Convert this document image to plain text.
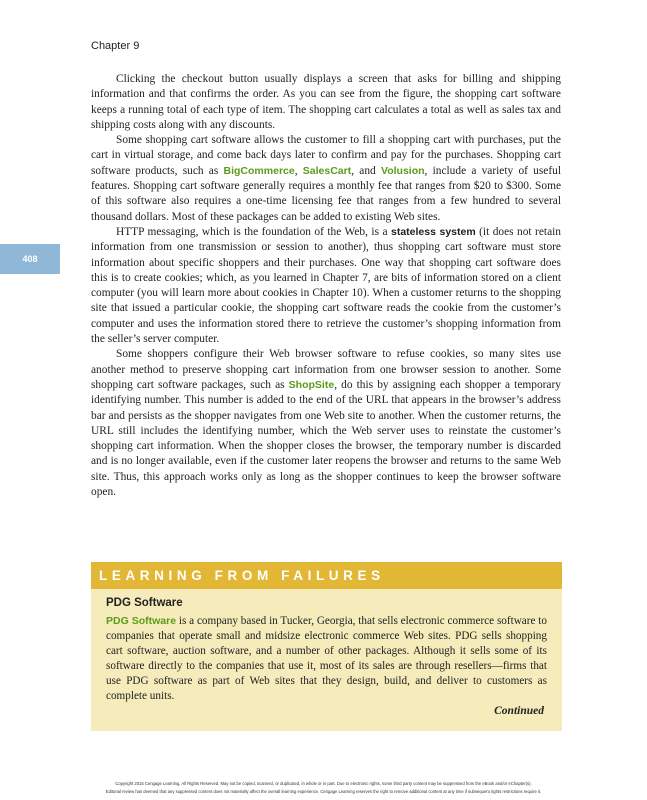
Chapter 9
408

Clicking the checkout button usually displays a screen that asks for billing and shipping information and that confirms the order. As you can see from the figure, the shopping cart software keeps a running total of each type of item. The shopping cart calculates a total as well as sales tax and shipping costs along with any discounts.

Some shopping cart software allows the customer to fill a shopping cart with purchases, put the cart in virtual storage, and come back days later to confirm and pay for the purchases. Shopping cart software products, such as BigCommerce, SalesCart, and Volusion, include a variety of useful features. Shopping cart software generally requires a monthly fee that ranges from $20 to $300. Some of this software also requires a one-time licensing fee that ranges from a few hundred to several thousand dollars. Most of these packages can be added to existing Web sites.

HTTP messaging, which is the foundation of the Web, is a stateless system (it does not retain information from one transmission or session to another), thus shopping cart software must store information about specific shoppers and their purchases. One way that shopping cart software does this is to create cookies; which, as you learned in Chapter 7, are bits of information stored on a client computer (you will learn more about cookies in Chapter 10). When a customer returns to the shopping site that issued a particular cookie, the shopping cart software reads the cookie from the customer’s computer and uses the information stored there to retrieve the customer’s shopping information from the seller’s server computer.

Some shoppers configure their Web browser software to refuse cookies, so many sites use another method to preserve shopping cart information from one browser session to another. Some shopping cart software packages, such as ShopSite, do this by assigning each shopper a temporary identifying number. This number is added to the end of the URL that appears in the browser’s address bar and persists as the shopper navigates from one Web site to another. When the customer returns, the URL still includes the identifying number, which the Web server uses to reinstate the customer’s shopping cart information. When the shopper closes the browser, the temporary number is discarded and is no longer available, even if the customer later reopens the browser and returns to the same Web site. Thus, this approach works only as long as the shopper continues to keep the browser software open.

LEARNING FROM FAILURES
PDG Software
PDG Software is a company based in Tucker, Georgia, that sells electronic commerce software to companies that operate small and midsize electronic commerce Web sites. PDG sells shopping cart software, auction software, and a number of other packages. Although it sells some of its software directly to the companies that use it, most of its sales are through resellers—firms that use PDG software as part of Web sites that they design, build, and deliver to customers as complete units.
Continued
Copyright 2015 Cengage Learning. All Rights Reserved. May not be copied, scanned, or duplicated, in whole or in part. Due to electronic rights, some third party content may be suppressed from the eBook and/or eChapter(s).
Editorial review has deemed that any suppressed content does not materially affect the overall learning experience. Cengage Learning reserves the right to remove additional content at any time if subsequent rights restrictions require it.
